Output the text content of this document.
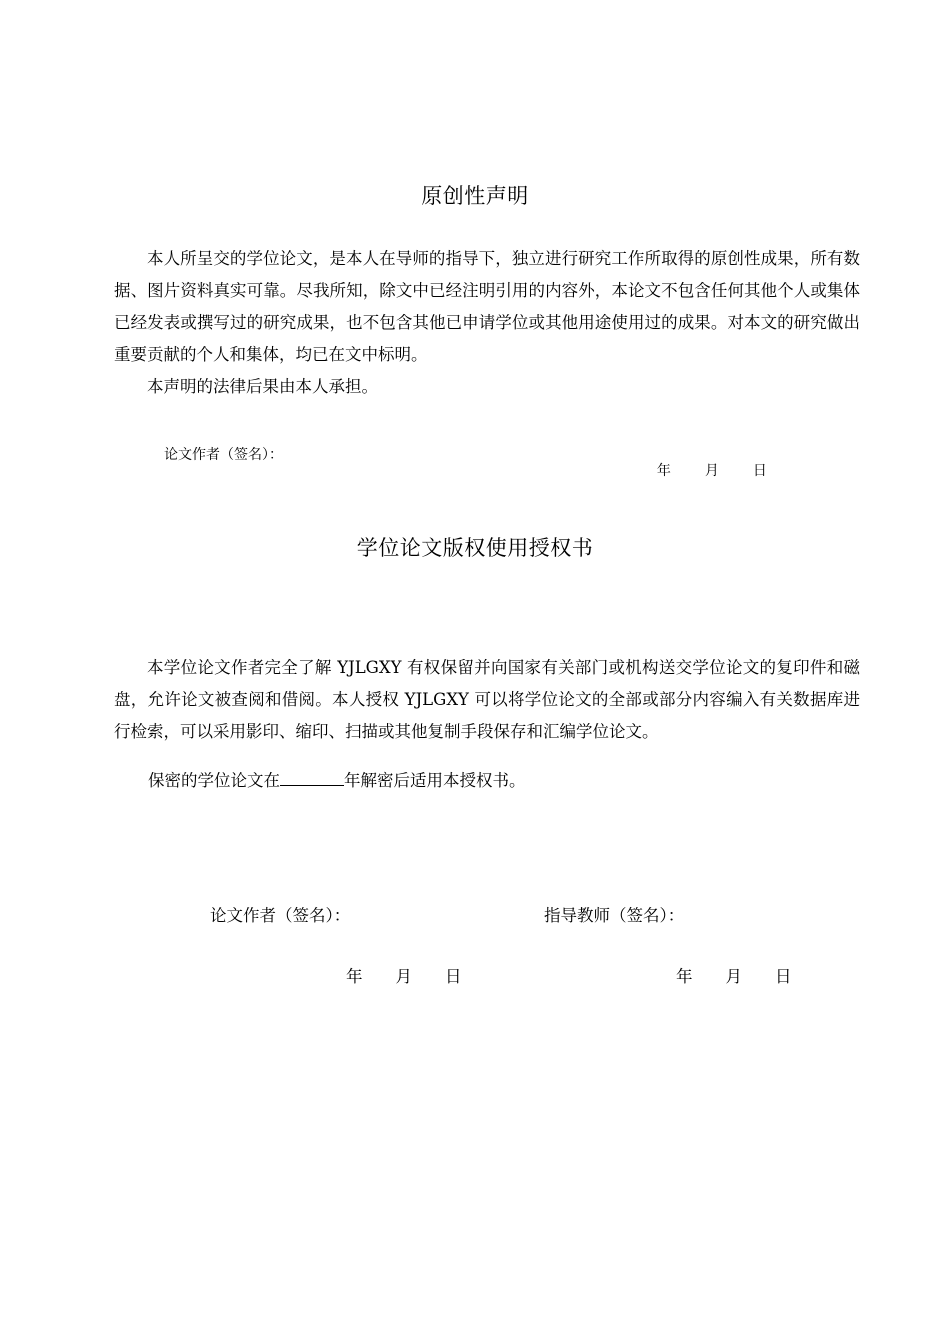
原创性声明
本人所呈交的学位论文，是本人在导师的指导下，独立进行研究工作所取得的原创性成果，所有数据、图片资料真实可靠。尽我所知，除文中已经注明引用的内容外，本论文不包含任何其他个人或集体已经发表或撰写过的研究成果，也不包含其他已申请学位或其他用途使用过的成果。对本文的研究做出重要贡献的个人和集体，均已在文中标明。
本声明的法律后果由本人承担。
论文作者（签名）：

年 月 日

学位论文版权使用授权书
本学位论文作者完全了解 YJLGXY 有权保留并向国家有关部门或机构送交学位论文的复印件和磁盘，允许论文被查阅和借阅。本人授权 YJLGXY 可以将学位论文的全部或部分内容编入有关数据库进行检索，可以采用影印、缩印、扫描或其他复制手段保存和汇编学位论文。
保密的学位论文在	年解密后适用本授权书。
论文作者（签名）：	指导教师（签名）：

年 月 日
	年 月 日
